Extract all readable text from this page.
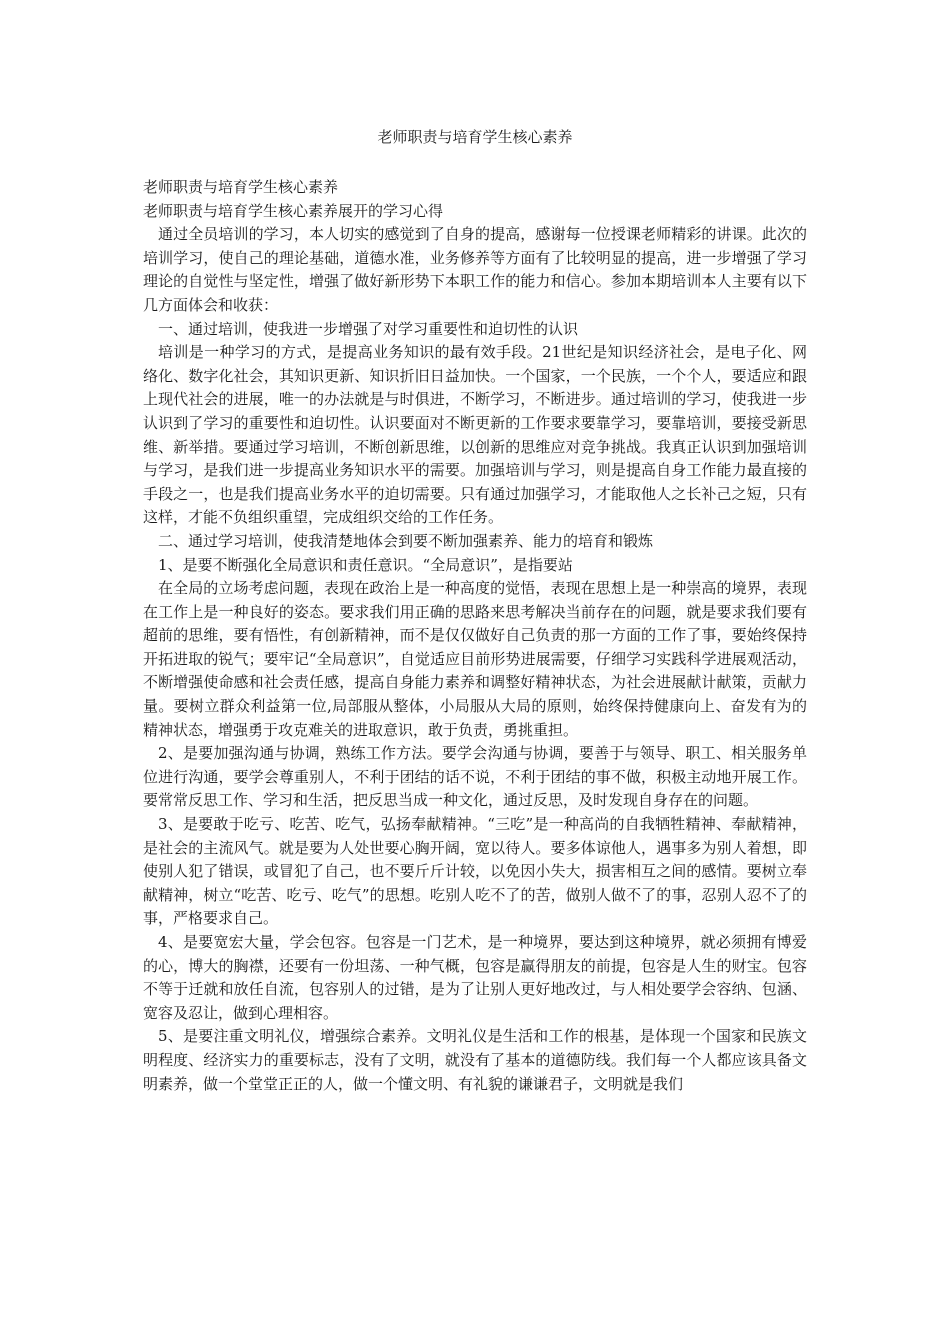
老师职责与培育学生核心素养

老师职责与培育学生核心素养

老师职责与培育学生核心素养展开的学习心得

通过全员培训的学习，本人切实的感觉到了自身的提高，感谢每一位授课老师精彩的讲课。此次的培训学习，使自己的理论基础，道德水准，业务修养等方面有了比较明显的提高，进一步增强了学习理论的自觉性与坚定性，增强了做好新形势下本职工作的能力和信心。参加本期培训本人主要有以下几方面体会和收获：

一、通过培训，使我进一步增强了对学习重要性和迫切性的认识

培训是一种学习的方式，是提高业务知识的最有效手段。21世纪是知识经济社会，是电子化、网络化、数字化社会，其知识更新、知识折旧日益加快。一个国家，一个民族，一个个人，要适应和跟上现代社会的进展，唯一的办法就是与时俱进，不断学习，不断进步。通过培训的学习，使我进一步认识到了学习的重要性和迫切性。认识要面对不断更新的工作要求要靠学习，要靠培训，要接受新思维、新举措。要通过学习培训，不断创新思维，以创新的思维应对竞争挑战。我真正认识到加强培训与学习，是我们进一步提高业务知识水平的需要。加强培训与学习，则是提高自身工作能力最直接的手段之一，也是我们提高业务水平的迫切需要。只有通过加强学习，才能取他人之长补己之短，只有这样，才能不负组织重望，完成组织交给的工作任务。

二、通过学习培训，使我清楚地体会到要不断加强素养、能力的培育和锻炼

1、是要不断强化全局意识和责任意识。“全局意识”，是指要站

在全局的立场考虑问题，表现在政治上是一种高度的觉悟，表现在思想上是一种崇高的境界，表现在工作上是一种良好的姿态。要求我们用正确的思路来思考解决当前存在的问题，就是要求我们要有超前的思维，要有悟性，有创新精神，而不是仅仅做好自己负责的那一方面的工作了事，要始终保持开拓进取的锐气；要牢记“全局意识”，自觉适应目前形势进展需要，仔细学习实践科学进展观活动，不断增强使命感和社会责任感，提高自身能力素养和调整好精神状态，为社会进展献计献策，贡献力量。要树立群众利益第一位,局部服从整体，小局服从大局的原则，始终保持健康向上、奋发有为的精神状态，增强勇于攻克难关的进取意识，敢于负责，勇挑重担。

2、是要加强沟通与协调，熟练工作方法。要学会沟通与协调，要善于与领导、职工、相关服务单位进行沟通，要学会尊重别人，不利于团结的话不说，不利于团结的事不做，积极主动地开展工作。要常常反思工作、学习和生活，把反思当成一种文化，通过反思，及时发现自身存在的问题。

3、是要敢于吃亏、吃苦、吃气，弘扬奉献精神。“三吃”是一种高尚的自我牺牲精神、奉献精神，是社会的主流风气。就是要为人处世要心胸开阔，宽以待人。要多体谅他人，遇事多为别人着想，即使别人犯了错误，或冒犯了自己，也不要斤斤计较，以免因小失大，损害相互之间的感情。要树立奉献精神，树立“吃苦、吃亏、吃气”的思想。吃别人吃不了的苦，做别人做不了的事，忍别人忍不了的事，严格要求自己。

4、是要宽宏大量，学会包容。包容是一门艺术，是一种境界，要达到这种境界，就必须拥有博爱的心，博大的胸襟，还要有一份坦荡、一种气概，包容是赢得朋友的前提，包容是人生的财宝。包容不等于迁就和放任自流，包容别人的过错，是为了让别人更好地改过，与人相处要学会容纳、包涵、宽容及忍让，做到心理相容。

5、是要注重文明礼仪，增强综合素养。文明礼仪是生活和工作的根基，是体现一个国家和民族文明程度、经济实力的重要标志，没有了文明，就没有了基本的道德防线。我们每一个人都应该具备文明素养，做一个堂堂正正的人，做一个懂文明、有礼貌的谦谦君子，文明就是我们
